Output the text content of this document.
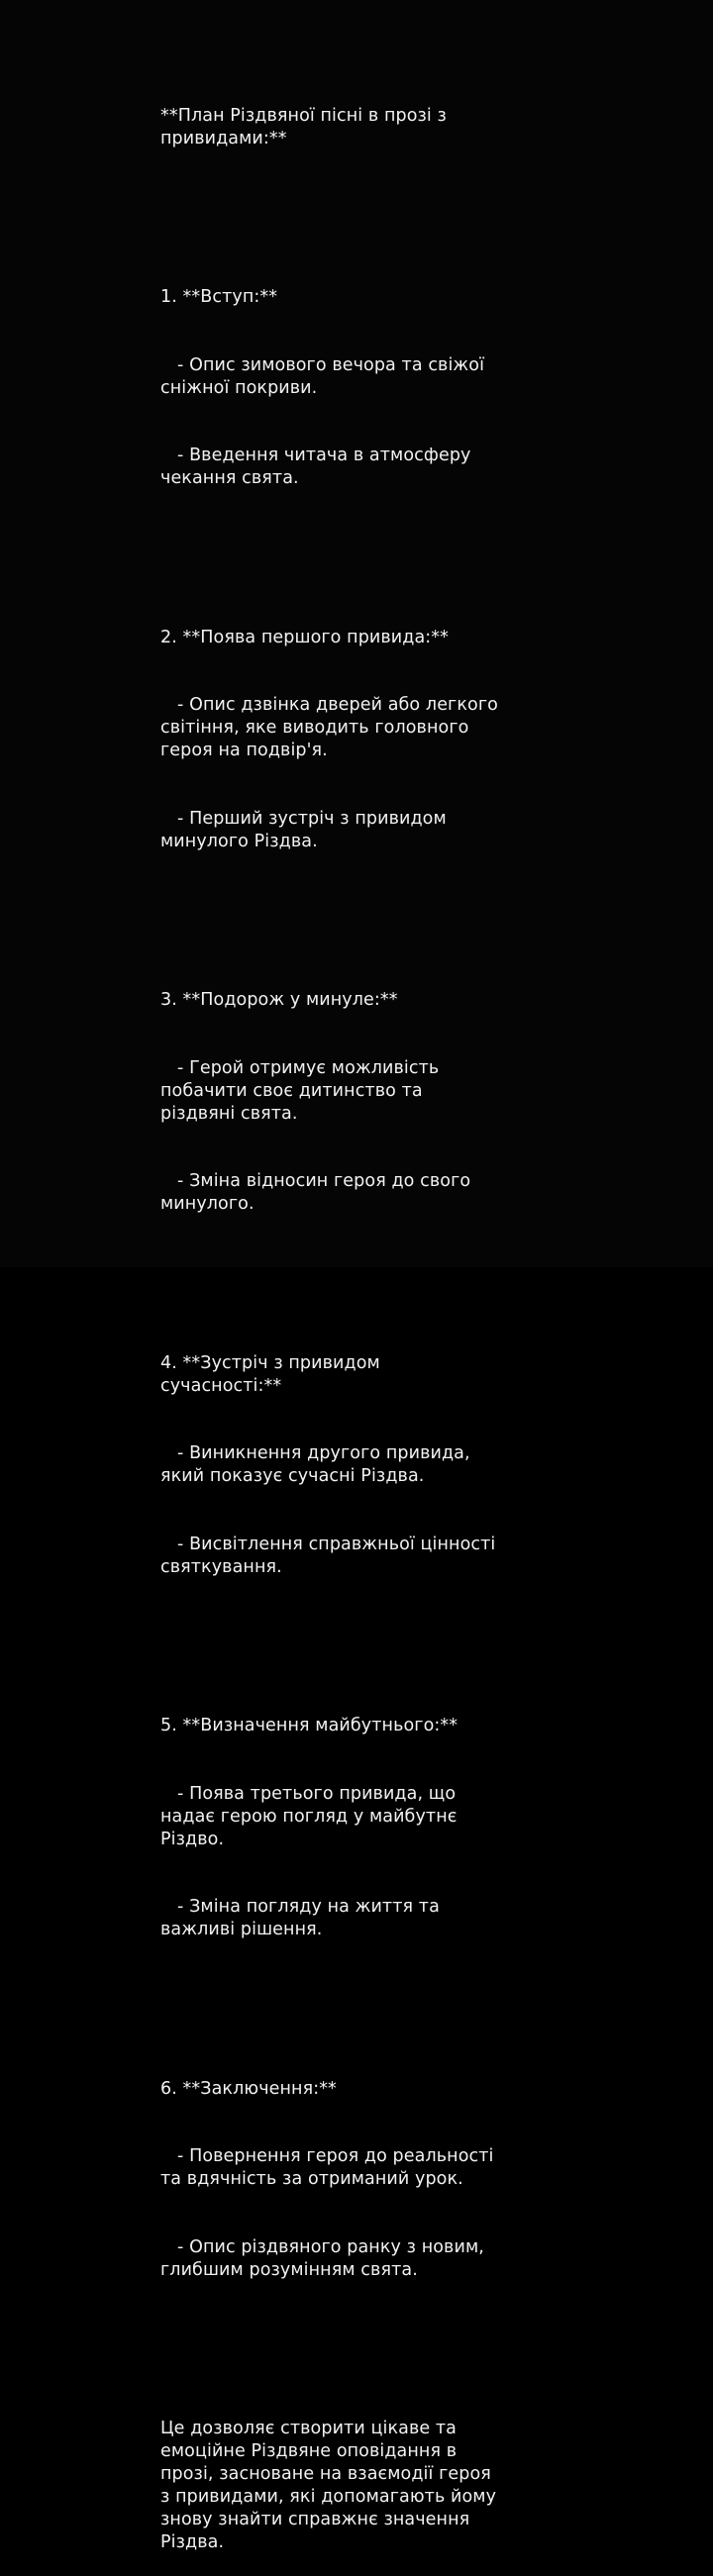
**План Різдвяної пісні в прозі з привидами:**

1. **Вступ:**

- Опис зимового вечора та свіжої сніжної покриви.

- Введення читача в атмосферу чекання свята.

2. **Поява першого привида:**

- Опис дзвінка дверей або легкого світіння, яке виводить головного героя на подвір'я.

- Перший зустріч з привидом минулого Різдва.

3. **Подорож у минуле:**

- Герой отримує можливість побачити своє дитинство та різдвяні свята.

- Зміна відносин героя до свого минулого.

4. **Зустріч з привидом сучасності:**

- Виникнення другого привида, який показує сучасні Різдва.

- Висвітлення справжньої цінності святкування.

5. **Визначення майбутнього:**

- Поява третього привида, що надає герою погляд у майбутнє Різдво.

- Зміна погляду на життя та важливі рішення.

6. **Заключення:**

- Повернення героя до реальності та вдячність за отриманий урок.

- Опис різдвяного ранку з новим, глибшим розумінням свята.

Це дозволяє створити цікаве та емоційне Різдвяне оповідання в прозі, засноване на взаємодії героя з привидами, які допомагають йому знову знайти справжнє значення Різдва.
